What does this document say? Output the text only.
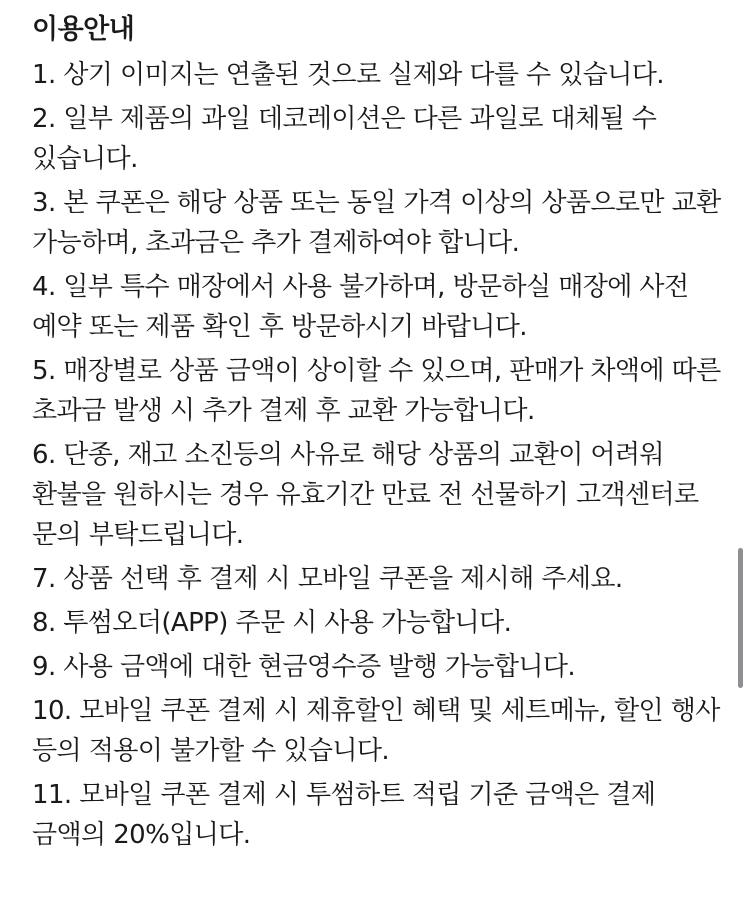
이용안내
1. 상기 이미지는 연출된 것으로 실제와 다를 수 있습니다.
2. 일부 제품의 과일 데코레이션은 다른 과일로 대체될 수 있습니다.
3. 본 쿠폰은 해당 상품 또는 동일 가격 이상의 상품으로만 교환 가능하며, 초과금은 추가 결제하여야 합니다.
4. 일부 특수 매장에서 사용 불가하며, 방문하실 매장에 사전 예약 또는 제품 확인 후 방문하시기 바랍니다.
5. 매장별로 상품 금액이 상이할 수 있으며, 판매가 차액에 따른 초과금 발생 시 추가 결제 후 교환 가능합니다.
6. 단종, 재고 소진등의 사유로 해당 상품의 교환이 어려워 환불을 원하시는 경우 유효기간 만료 전 선물하기 고객센터로 문의 부탁드립니다.
7. 상품 선택 후 결제 시 모바일 쿠폰을 제시해 주세요.
8. 투썸오더(APP) 주문 시 사용 가능합니다.
9. 사용 금액에 대한 현금영수증 발행 가능합니다.
10. 모바일 쿠폰 결제 시 제휴할인 혜택 및 세트메뉴, 할인 행사 등의 적용이 불가할 수 있습니다.
11. 모바일 쿠폰 결제 시 투썸하트 적립 기준 금액은 결제 금액의 20%입니다.
